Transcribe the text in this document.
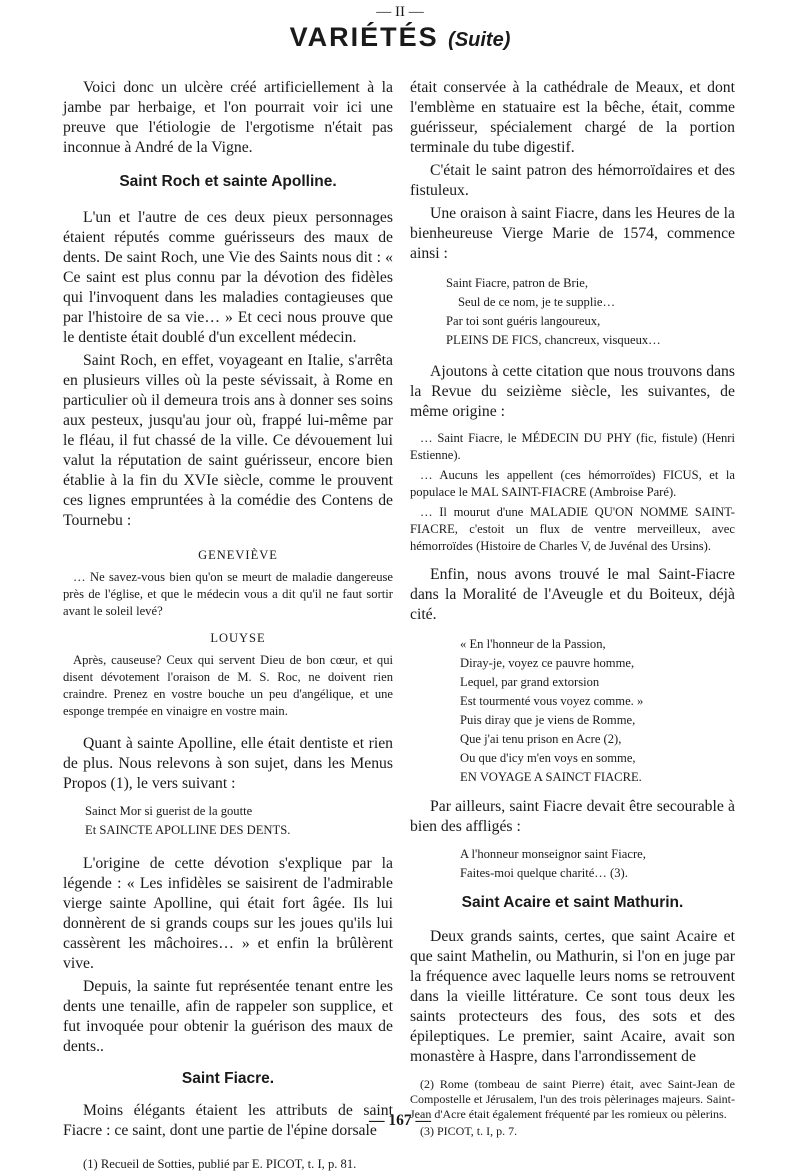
— II —
VARIÉTÉS (Suite)

Voici donc un ulcère créé artificiellement à la jambe par herbaige, et l'on pourrait voir ici une preuve que l'étiologie de l'ergotisme n'était pas inconnue à André de la Vigne.

Saint Roch et sainte Apolline.

L'un et l'autre de ces deux pieux personnages étaient réputés comme guérisseurs des maux de dents. De saint Roch, une Vie des Saints nous dit : « Ce saint est plus connu par la dévotion des fidèles qui l'invoquent dans les maladies contagieuses que par l'histoire de sa vie… » Et ceci nous prouve que le dentiste était doublé d'un excellent médecin.

Saint Roch, en effet, voyageant en Italie, s'arrêta en plusieurs villes où la peste sévissait, à Rome en particulier où il demeura trois ans à donner ses soins aux pesteux, jusqu'au jour où, frappé lui-même par le fléau, il fut chassé de la ville. Ce dévouement lui valut la réputation de saint guérisseur, encore bien établie à la fin du XVIe siècle, comme le prouvent ces lignes empruntées à la comédie des Contens de Tournebu :

GENEVIÈVE

… Ne savez-vous bien qu'on se meurt de maladie dangereuse près de l'église, et que le médecin vous a dit qu'il ne faut sortir avant le soleil levé?

LOUYSE

Après, causeuse? Ceux qui servent Dieu de bon cœur, et qui disent dévotement l'oraison de M. S. Roc, ne doivent rien craindre. Prenez en vostre bouche un peu d'angélique, et une esponge trempée en vinaigre en vostre main.

Quant à sainte Apolline, elle était dentiste et rien de plus. Nous relevons à son sujet, dans les Menus Propos (1), le vers suivant :

Sainct Mor si guerist de la goutte
Et SAINCTE APOLLINE DES DENTS.

L'origine de cette dévotion s'explique par la légende : « Les infidèles se saisirent de l'admirable vierge sainte Apolline, qui était fort âgée. Ils lui donnèrent de si grands coups sur les joues qu'ils lui cassèrent les mâchoires… » et enfin la brûlèrent vive.

Depuis, la sainte fut représentée tenant entre les dents une tenaille, afin de rappeler son supplice, et fut invoquée pour obtenir la guérison des maux de dents..

Saint Fiacre.

Moins élégants étaient les attributs de saint Fiacre : ce saint, dont une partie de l'épine dorsale

(1) Recueil de Sotties, publié par E. PICOT, t. I, p. 81.

était conservée à la cathédrale de Meaux, et dont l'emblème en statuaire est la bêche, était, comme guérisseur, spécialement chargé de la portion terminale du tube digestif.

C'était le saint patron des hémorroïdaires et des fistuleux.

Une oraison à saint Fiacre, dans les Heures de la bienheureuse Vierge Marie de 1574, commence ainsi :

Saint Fiacre, patron de Brie,
Seul de ce nom, je te supplie…
Par toi sont guéris langoureux,
PLEINS DE FICS, chancreux, visqueux…

Ajoutons à cette citation que nous trouvons dans la Revue du seizième siècle, les suivantes, de même origine :

… Saint Fiacre, le MÉDECIN DU PHY (fic, fistule) (Henri Estienne).

… Aucuns les appellent (ces hémorroïdes) FICUS, et la populace le MAL SAINT-FIACRE (Ambroise Paré).

… Il mourut d'une MALADIE QU'ON NOMME SAINT-FIACRE, c'estoit un flux de ventre merveilleux, avec hémorroïdes (Histoire de Charles V, de Juvénal des Ursins).

Enfin, nous avons trouvé le mal Saint-Fiacre dans la Moralité de l'Aveugle et du Boiteux, déjà cité.

« En l'honneur de la Passion,
Diray-je, voyez ce pauvre homme,
Lequel, par grand extorsion
Est tourmenté vous voyez comme. »
Puis diray que je viens de Romme,
Que j'ai tenu prison en Acre (2),
Ou que d'icy m'en voys en somme,
EN VOYAGE A SAINCT FIACRE.

Par ailleurs, saint Fiacre devait être secourable à bien des affligés :

A l'honneur monseignor saint Fiacre,
Faites-moi quelque charité… (3).
Saint Acaire et saint Mathurin.

Deux grands saints, certes, que saint Acaire et que saint Mathelin, ou Mathurin, si l'on en juge par la fréquence avec laquelle leurs noms se retrouvent dans la vieille littérature. Ce sont tous deux les saints protecteurs des fous, des sots et des épileptiques. Le premier, saint Acaire, avait son monastère à Haspre, dans l'arrondissement de

(2) Rome (tombeau de saint Pierre) était, avec Saint-Jean de Compostelle et Jérusalem, l'un des trois pèlerinages majeurs. Saint-Jean d'Acre était également fréquenté par les romieux ou pèlerins.

(3) PICOT, t. I, p. 7.

— 167 —
